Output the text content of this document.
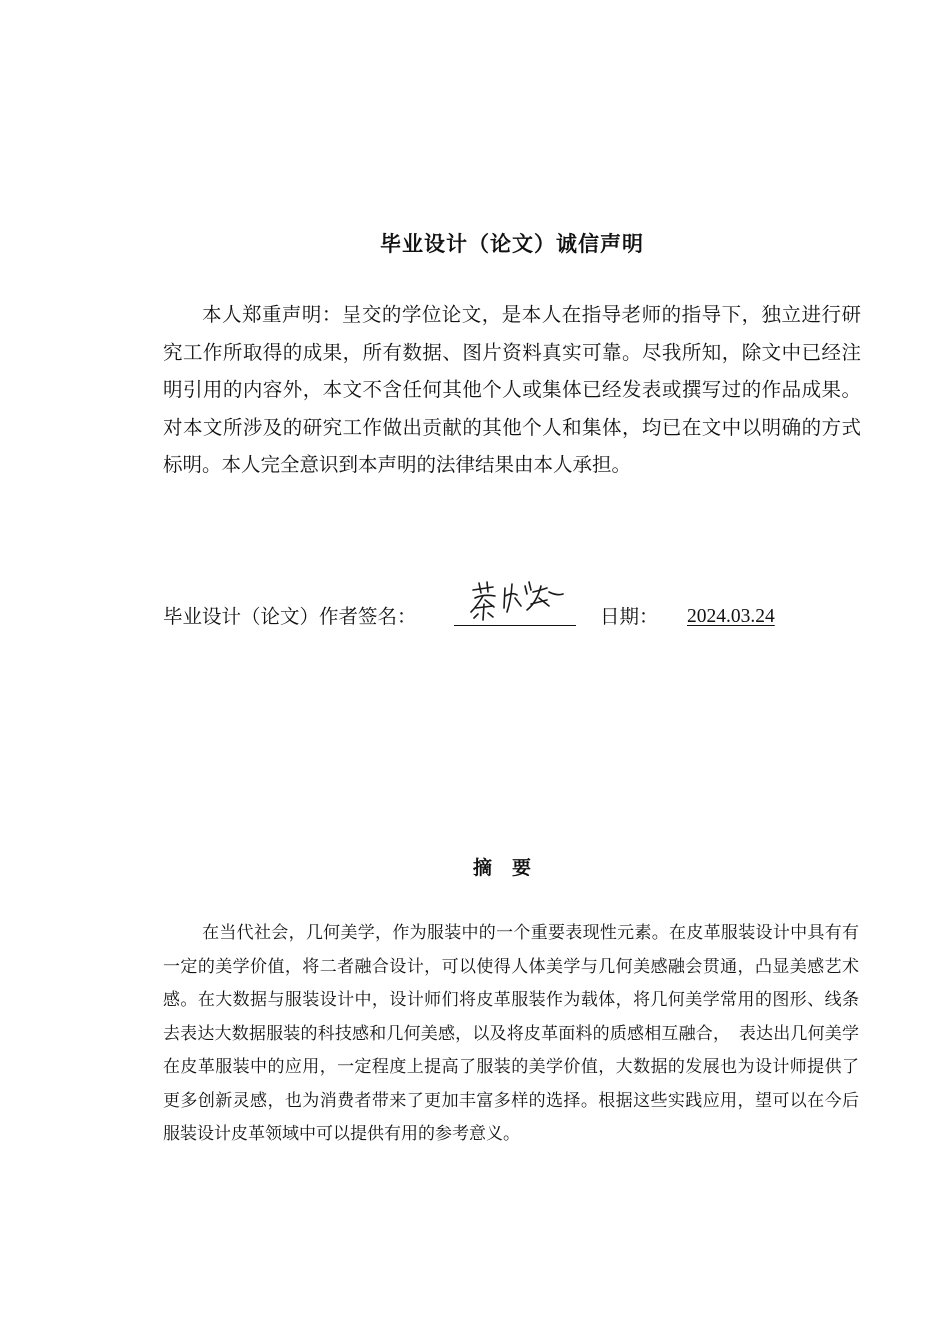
毕业设计（论文）诚信声明

本人郑重声明：呈交的学位论文，是本人在指导老师的指导下，独立进行研究工作所取得的成果，所有数据、图片资料真实可靠。尽我所知，除文中已经注明引用的内容外，本文不含任何其他个人或集体已经发表或撰写过的作品成果。对本文所涉及的研究工作做出贡献的其他个人和集体，均已在文中以明确的方式标明。本人完全意识到本声明的法律结果由本人承担。

毕业设计（论文）作者签名：	日期：	2024.03.24
摘要

在当代社会，几何美学，作为服装中的一个重要表现性元素。在皮革服装设计中具有有一定的美学价值，将二者融合设计，可以使得人体美学与几何美感融会贯通，凸显美感艺术感。在大数据与服装设计中，设计师们将皮革服装作为载体，将几何美学常用的图形、线条去表达大数据服装的科技感和几何美感，以及将皮革面料的质感相互融合，　表达出几何美学在皮革服装中的应用，一定程度上提高了服装的美学价值，大数据的发展也为设计师提供了更多创新灵感，也为消费者带来了更加丰富多样的选择。根据这些实践应用，望可以在今后服装设计皮革领域中可以提供有用的参考意义。
